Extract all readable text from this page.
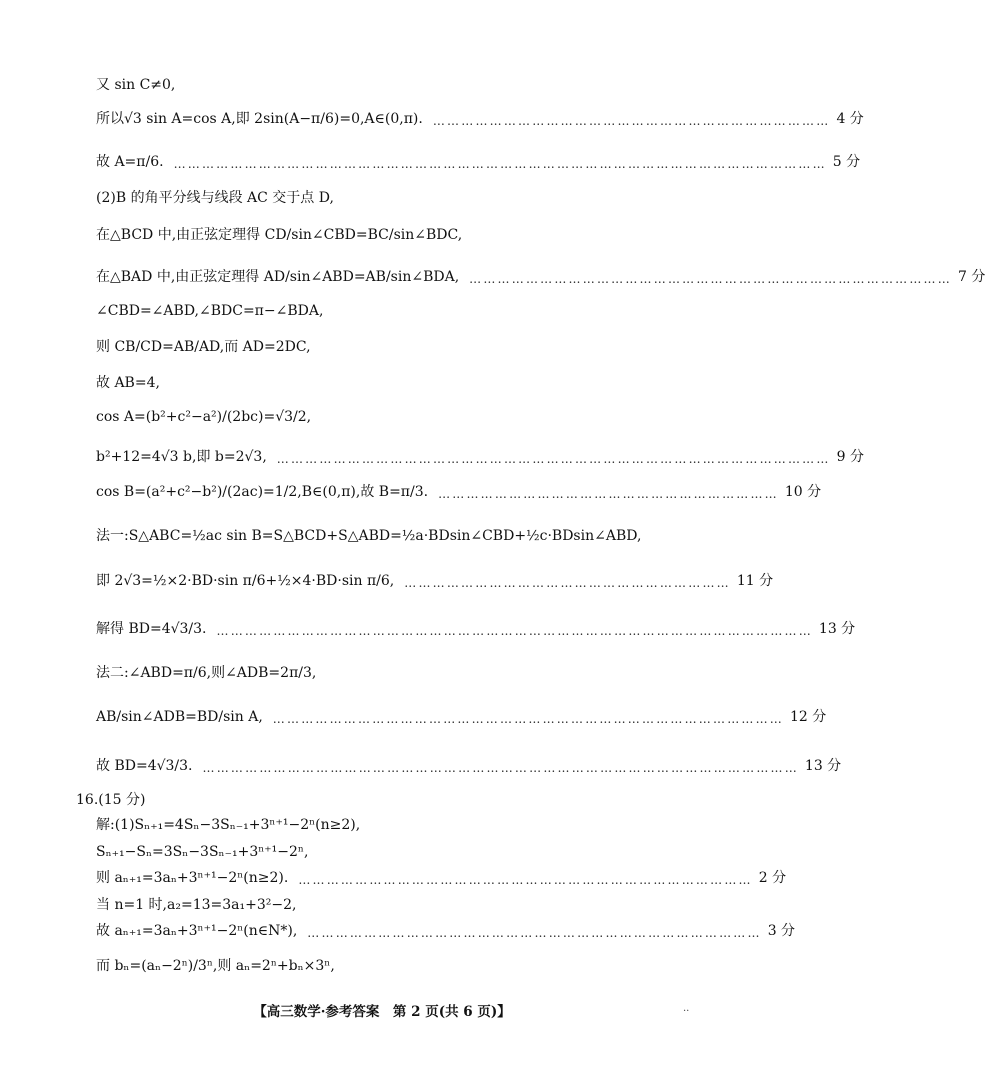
又 sin C≠0,
所以√3 sin A=cos A,即 2sin(A−π/6)=0,A∈(0,π). ………………………………………………………………………… 4 分
故 A=π/6. ………………………………………………………………………………………………………………………… 5 分
(2)B 的角平分线与线段 AC 交于点 D,
在△BCD 中,由正弦定理得 CD/sin∠CBD=BC/sin∠BDC,
在△BAD 中,由正弦定理得 AD/sin∠ABD=AB/sin∠BDA, ………………………………………………………………………………………… 7 分
∠CBD=∠ABD,∠BDC=π−∠BDA,
则 CB/CD=AB/AD,而 AD=2DC,
故 AB=4,
cos A=(b²+c²−a²)/(2bc)=√3/2,
b²+12=4√3 b,即 b=2√3, ……………………………………………………………………………………………………… 9 分
cos B=(a²+c²−b²)/(2ac)=1/2,B∈(0,π),故 B=π/3. ……………………………………………………………… 10 分
法一:S△ABC=½ac sin B=S△BCD+S△ABD=½a·BDsin∠CBD+½c·BDsin∠ABD,
即 2√3=½×2·BD·sin π/6+½×4·BD·sin π/6, …………………………………………………………… 11 分
解得 BD=4√3/3. ……………………………………………………………………………………………………………… 13 分
法二:∠ABD=π/6,则∠ADB=2π/3,
AB/sin∠ADB=BD/sin A, ……………………………………………………………………………………………… 12 分
故 BD=4√3/3. ……………………………………………………………………………………………………………… 13 分
16.(15 分)
解:(1)Sₙ₊₁=4Sₙ−3Sₙ₋₁+3ⁿ⁺¹−2ⁿ(n≥2),
Sₙ₊₁−Sₙ=3Sₙ−3Sₙ₋₁+3ⁿ⁺¹−2ⁿ,
则 aₙ₊₁=3aₙ+3ⁿ⁺¹−2ⁿ(n≥2). …………………………………………………………………………………… 2 分
当 n=1 时,a₂=13=3a₁+3²−2,
故 aₙ₊₁=3aₙ+3ⁿ⁺¹−2ⁿ(n∈N*), …………………………………………………………………………………… 3 分
而 bₙ=(aₙ−2ⁿ)/3ⁿ,则 aₙ=2ⁿ+bₙ×3ⁿ,
【高三数学·参考答案　第 2 页(共 6 页)】	..
